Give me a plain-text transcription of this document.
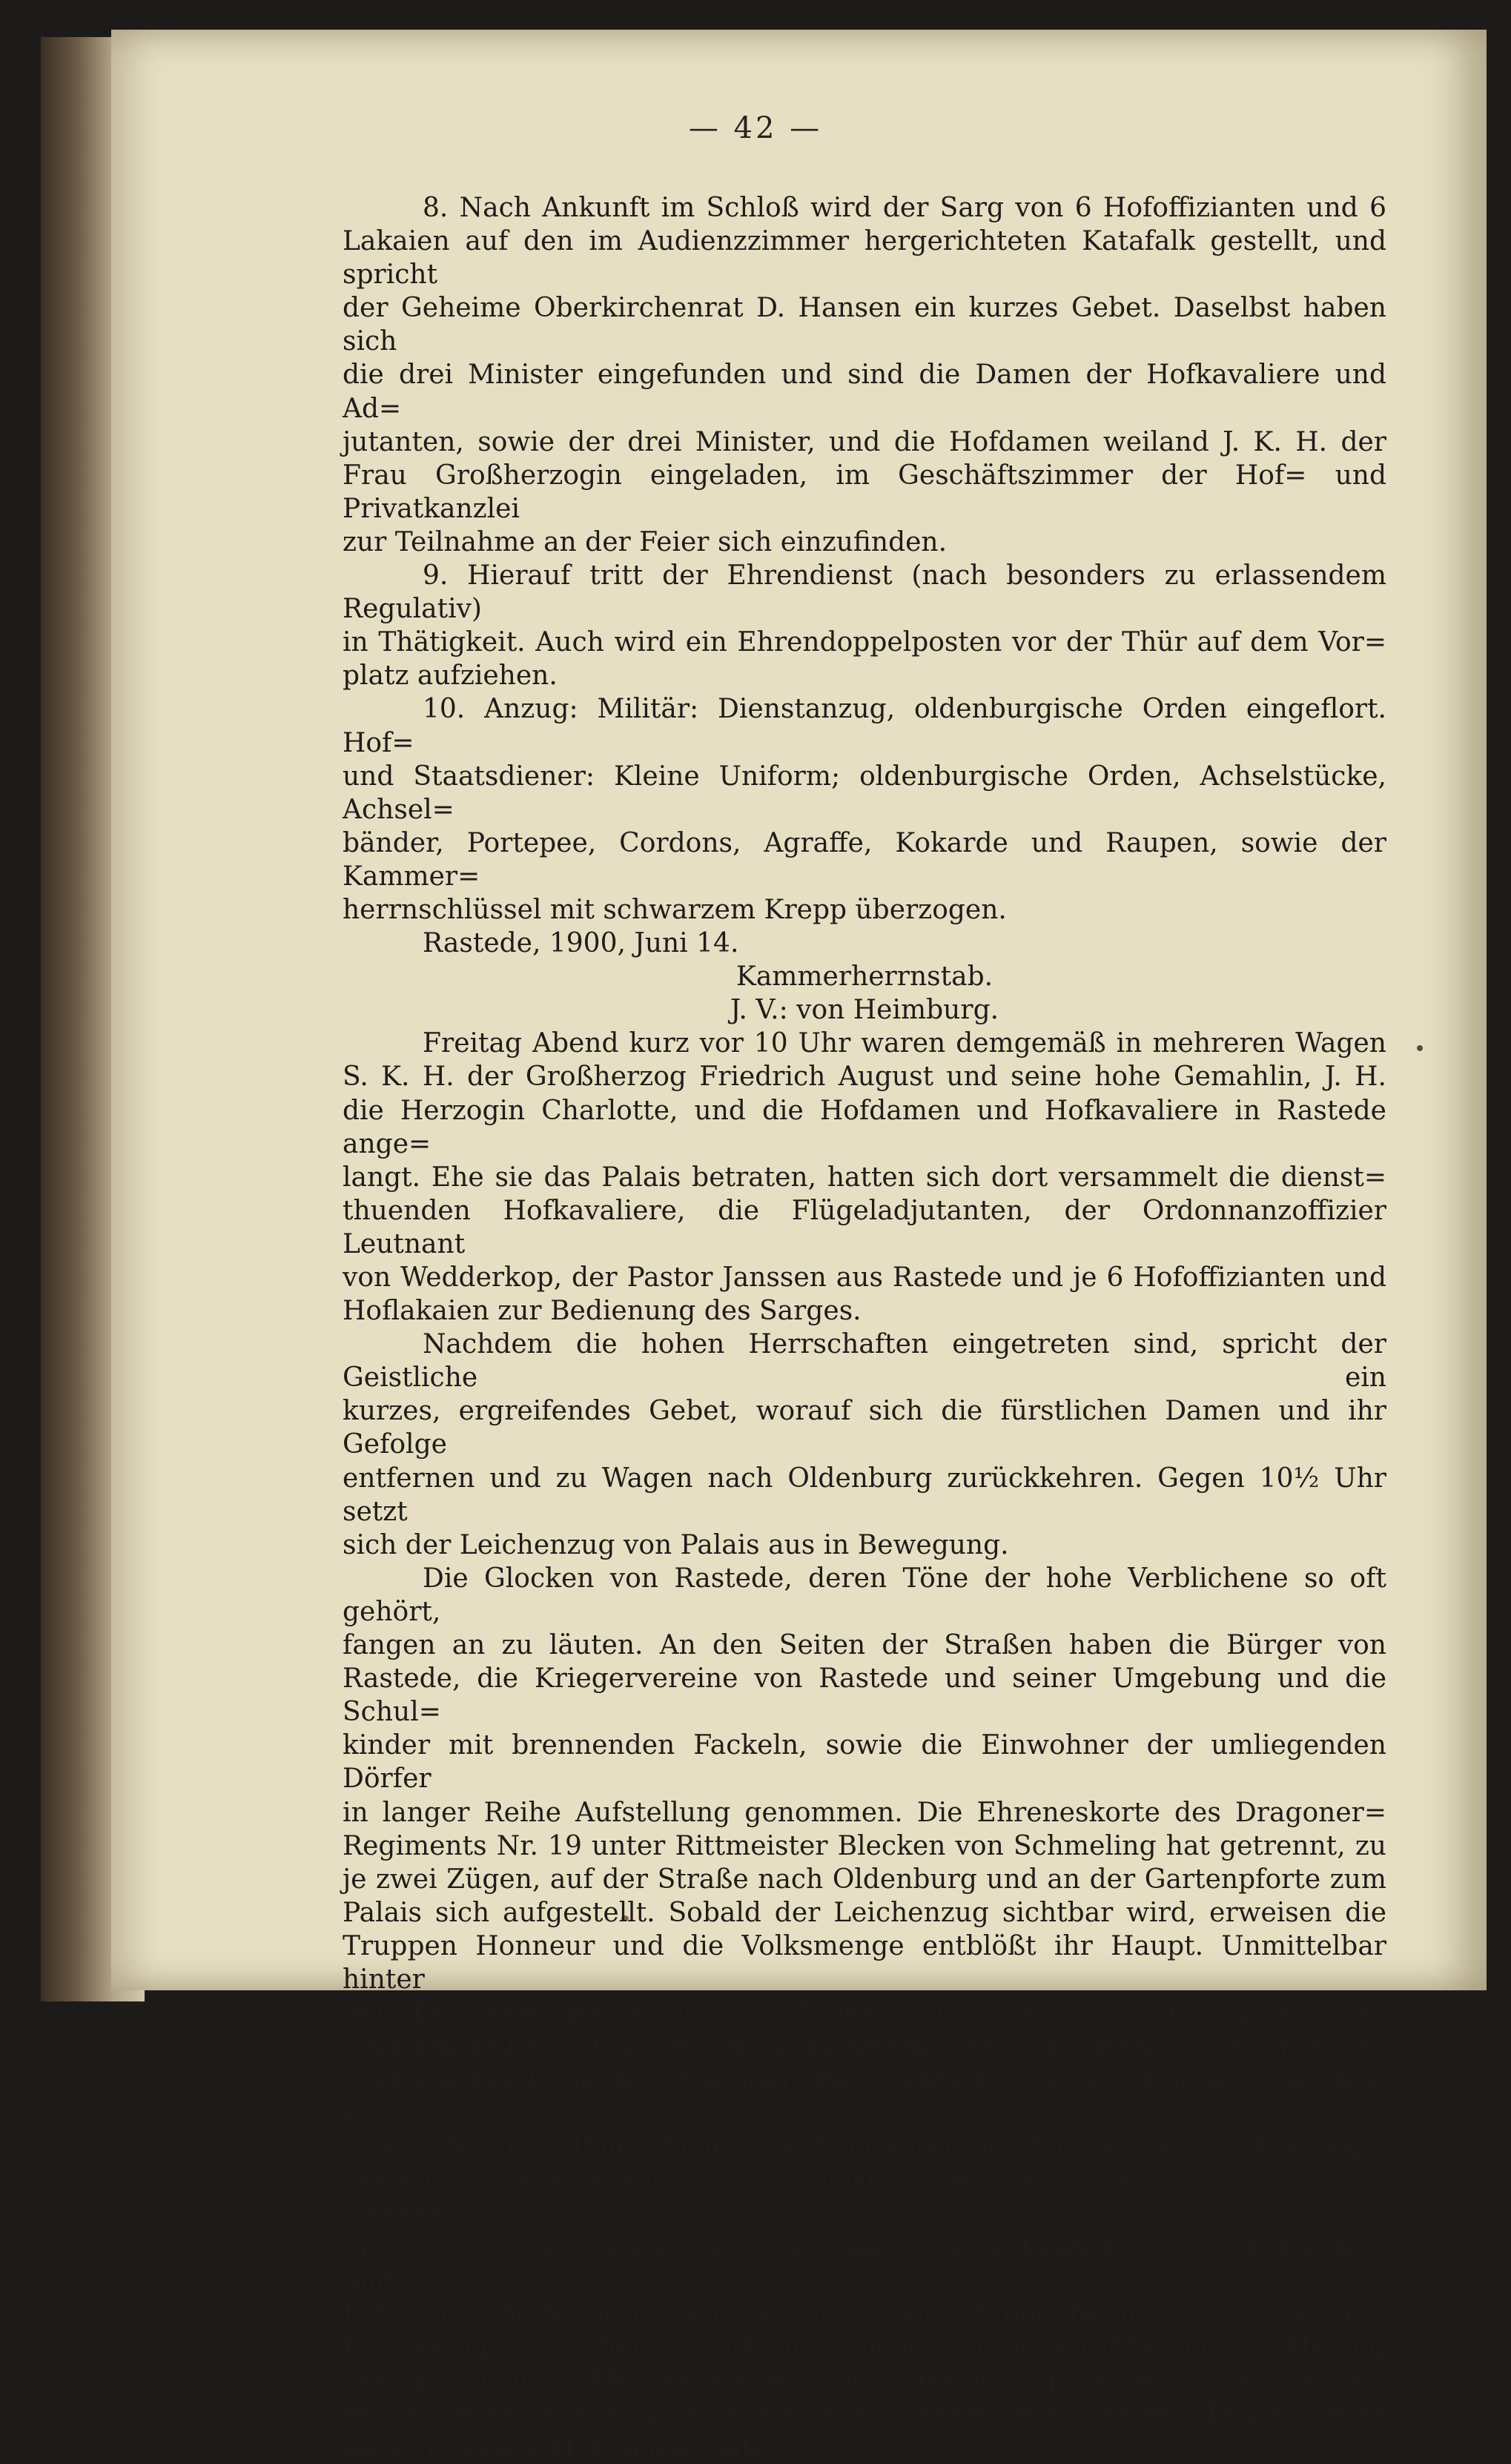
— 42 —

8. Nach Ankunft im Schloß wird der Sarg von 6 Hofoffizianten und 6

Lakaien auf den im Audienzzimmer hergerichteten Katafalk gestellt, und spricht

der Geheime Oberkirchenrat D. Hansen ein kurzes Gebet. Daselbst haben sich

die drei Minister eingefunden und sind die Damen der Hofkavaliere und Ad=

jutanten, sowie der drei Minister, und die Hofdamen weiland J. K. H. der

Frau Großherzogin eingeladen, im Geschäftszimmer der Hof= und Privatkanzlei

zur Teilnahme an der Feier sich einzufinden.

9. Hierauf tritt der Ehrendienst (nach besonders zu erlassendem Regulativ)

in Thätigkeit. Auch wird ein Ehrendoppelposten vor der Thür auf dem Vor=

platz aufziehen.

10. Anzug: Militär: Dienstanzug, oldenburgische Orden eingeflort. Hof=

und Staatsdiener: Kleine Uniform; oldenburgische Orden, Achselstücke, Achsel=

bänder, Portepee, Cordons, Agraffe, Kokarde und Raupen, sowie der Kammer=

herrnschlüssel mit schwarzem Krepp überzogen.

Rastede, 1900, Juni 14.

Kammerherrnstab.

J. V.: von Heimburg.

Freitag Abend kurz vor 10 Uhr waren demgemäß in mehreren Wagen

S. K. H. der Großherzog Friedrich August und seine hohe Gemahlin, J. H.

die Herzogin Charlotte, und die Hofdamen und Hofkavaliere in Rastede ange=

langt. Ehe sie das Palais betraten, hatten sich dort versammelt die dienst=

thuenden Hofkavaliere, die Flügeladjutanten, der Ordonnanzoffizier Leutnant

von Wedderkop, der Pastor Janssen aus Rastede und je 6 Hofoffizianten und

Hoflakaien zur Bedienung des Sarges.

Nachdem die hohen Herrschaften eingetreten sind, spricht der Geistliche ein

kurzes, ergreifendes Gebet, worauf sich die fürstlichen Damen und ihr Gefolge

entfernen und zu Wagen nach Oldenburg zurückkehren. Gegen 10½ Uhr setzt

sich der Leichenzug von Palais aus in Bewegung.

Die Glocken von Rastede, deren Töne der hohe Verblichene so oft gehört,

fangen an zu läuten. An den Seiten der Straßen haben die Bürger von

Rastede, die Kriegervereine von Rastede und seiner Umgebung und die Schul=

kinder mit brennenden Fackeln, sowie die Einwohner der umliegenden Dörfer

in langer Reihe Aufstellung genommen. Die Ehreneskorte des Dragoner=

Regiments Nr. 19 unter Rittmeister Blecken von Schmeling hat getrennt, zu

je zwei Zügen, auf der Straße nach Oldenburg und an der Gartenpforte zum

Palais sich aufgestellt. Sobald der Leichenzug sichtbar wird, erweisen die

Truppen Honneur und die Volksmenge entblößt ihr Haupt. Unmittelbar hinter

dem Leichenwagen reitet S. K. H. der Großherzog Friedrich August in der

Uniform seiner 19. Dragoner, links neben ihm S. H. Herzog Georg in der

Uniform des 1. Garde=Dragoner=Regiments Königin von England, bei dem er

à la suite steht. Ihnen folgen die Adjutanten des hochseligen Großherzogs,

Oberst von Wedderkop und Rittmeister von Jordan, der Garnisonälteste, General=

major von Fetter, sowie die Ordonnanzoffiziere Leutnants von Wedderkop und

Frhr. von Plettenberg. Nach einer halben Stunde beginnt es zu regnen.

Erst wenig, dann aber so stark zunehmend, daß der Großherzog und Herzog

Georg von ihren Pferden steigen. Der Großherzog zog seinen Mantel an,

den er später wieder ablegte, und stieg wiederum zu Pferde. Herzog Georg

nahm in einem Hofwagen Platz. —
